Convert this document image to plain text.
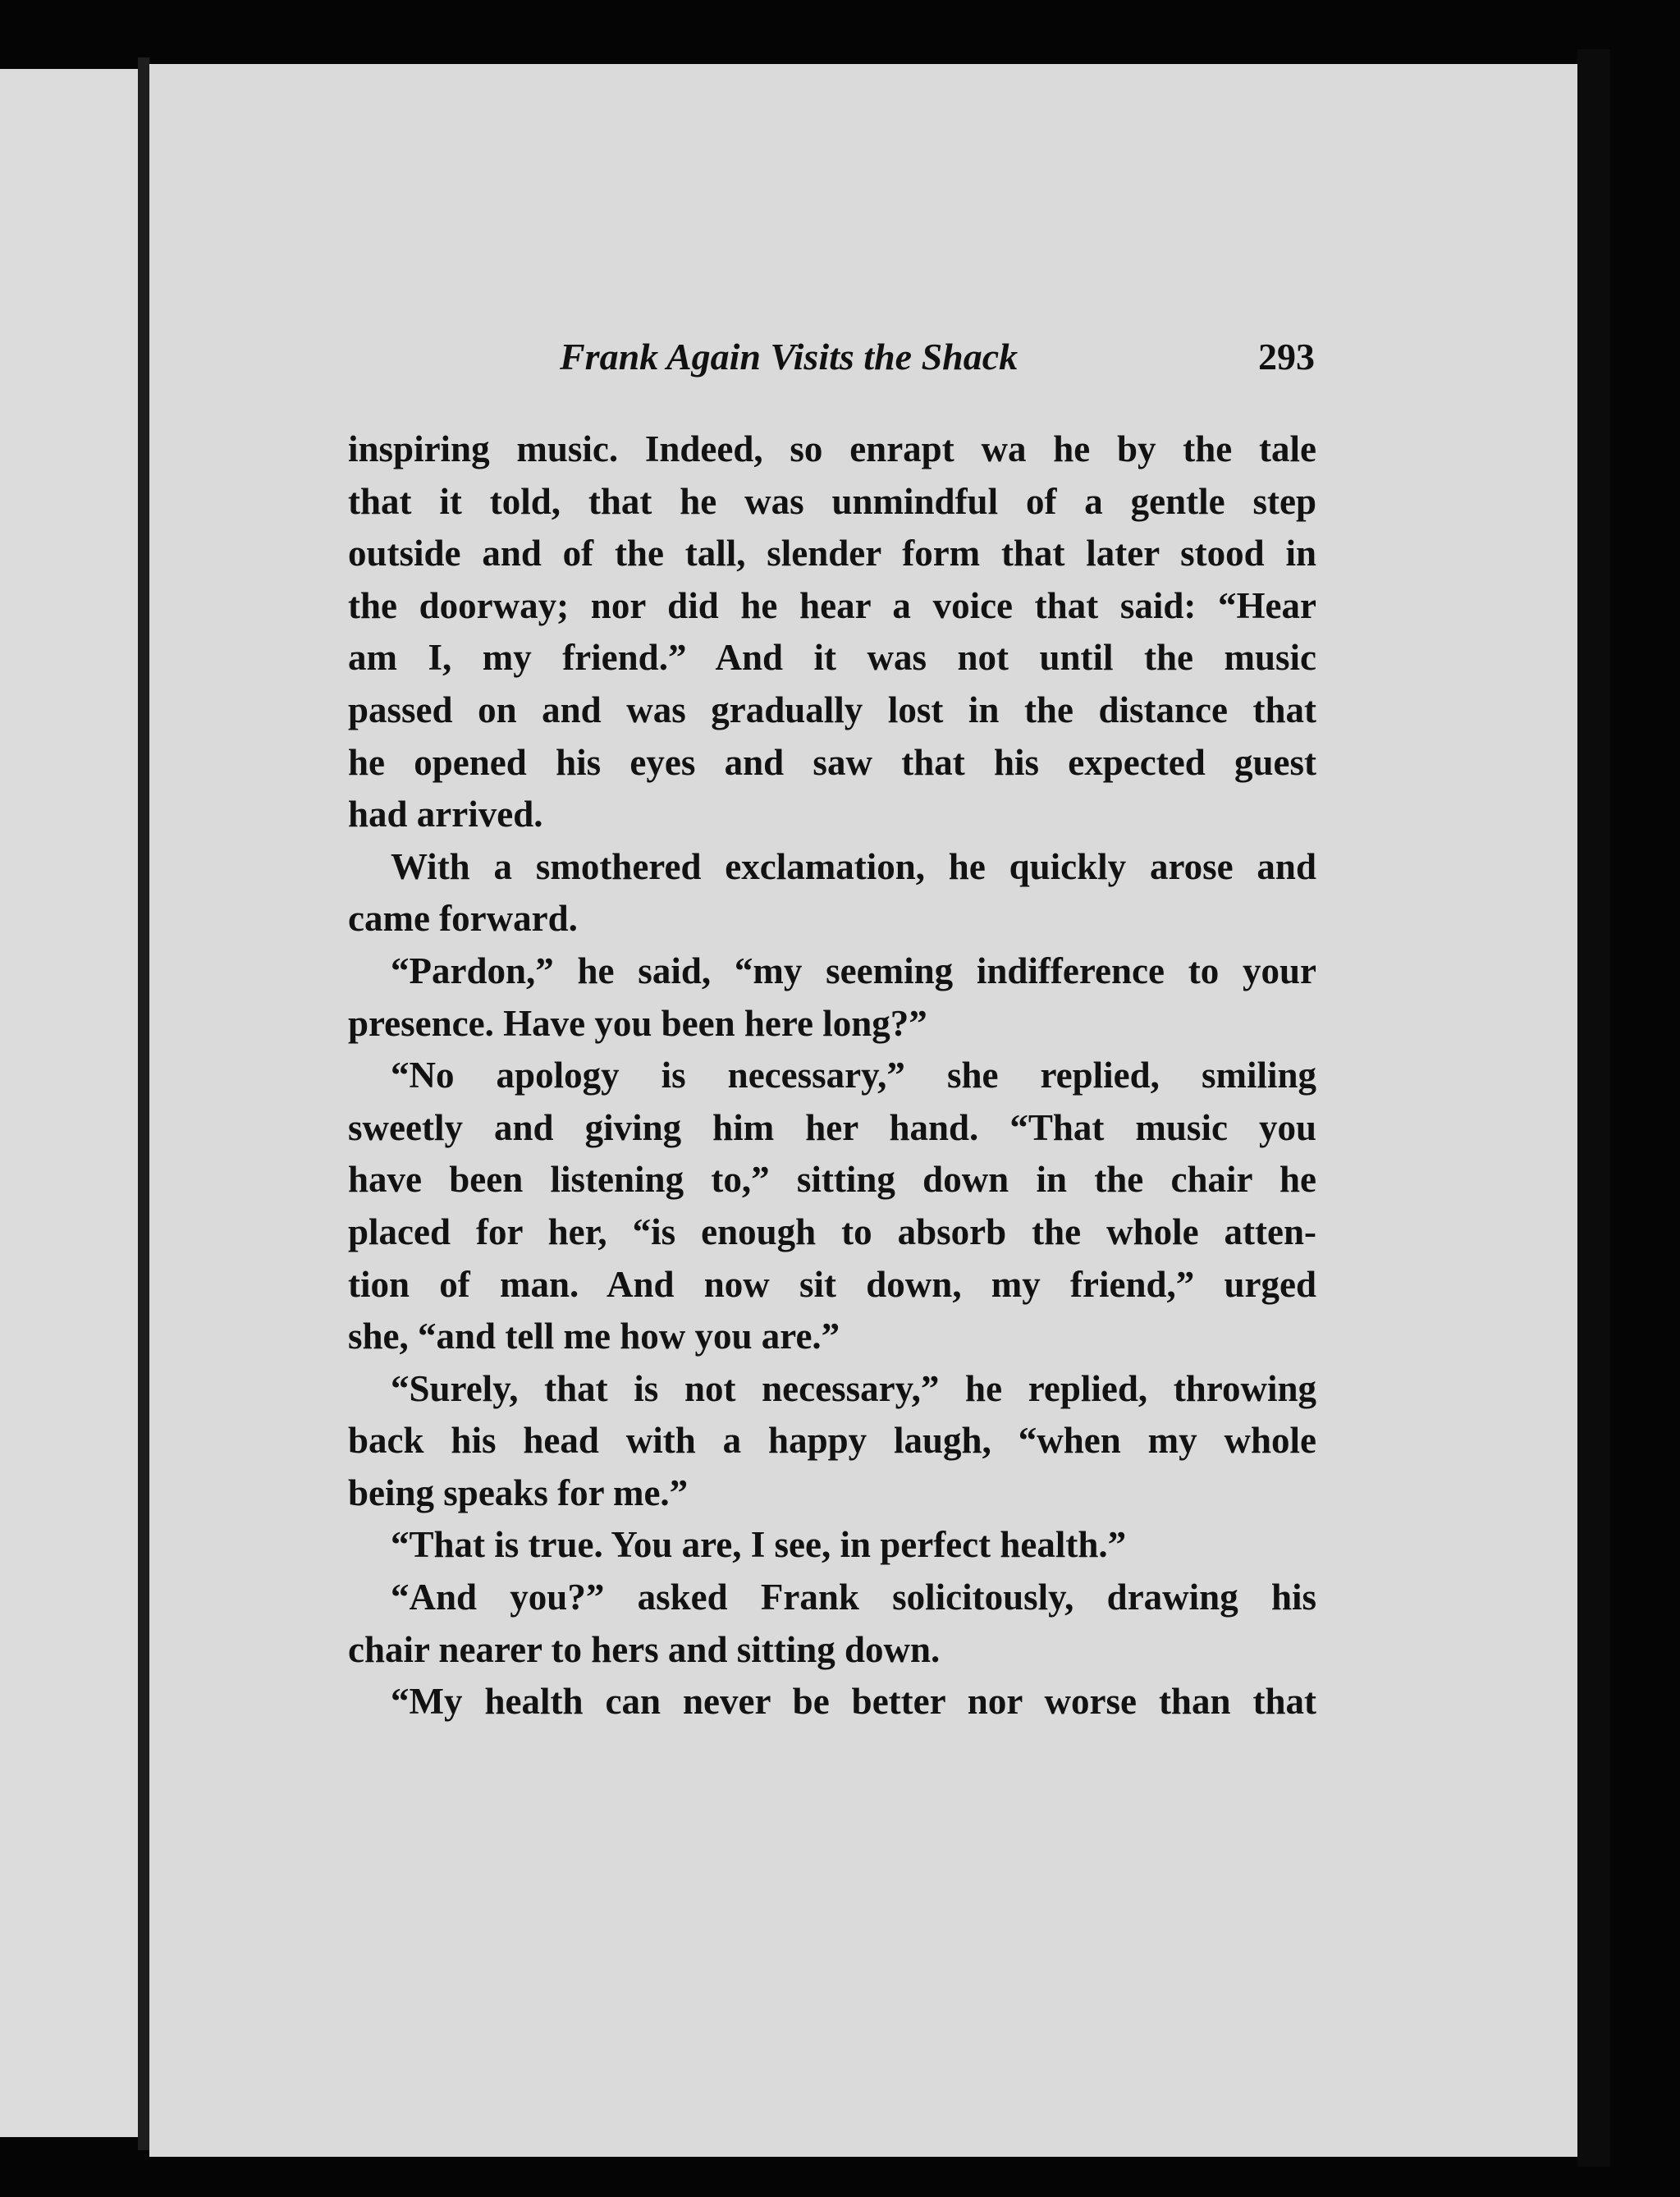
Frank Again Visits the Shack	293
inspiring music. Indeed, so enrapt wa he by the tale
that it told, that he was unmindful of a gentle step
outside and of the tall, slender form that later stood in
the doorway; nor did he hear a voice that said: “Hear
am I, my friend.” And it was not until the music
passed on and was gradually lost in the distance that
he opened his eyes and saw that his expected guest
had arrived.
With a smothered exclamation, he quickly arose and
came forward.
“Pardon,” he said, “my seeming indifference to your
presence. Have you been here long?”
“No apology is necessary,” she replied, smiling
sweetly and giving him her hand. “That music you
have been listening to,” sitting down in the chair he
placed for her, “is enough to absorb the whole atten-
tion of man. And now sit down, my friend,” urged
she, “and tell me how you are.”
“Surely, that is not necessary,” he replied, throwing
back his head with a happy laugh, “when my whole
being speaks for me.”
“That is true. You are, I see, in perfect health.”
“And you?” asked Frank solicitously, drawing his
chair nearer to hers and sitting down.
“My health can never be better nor worse than that
